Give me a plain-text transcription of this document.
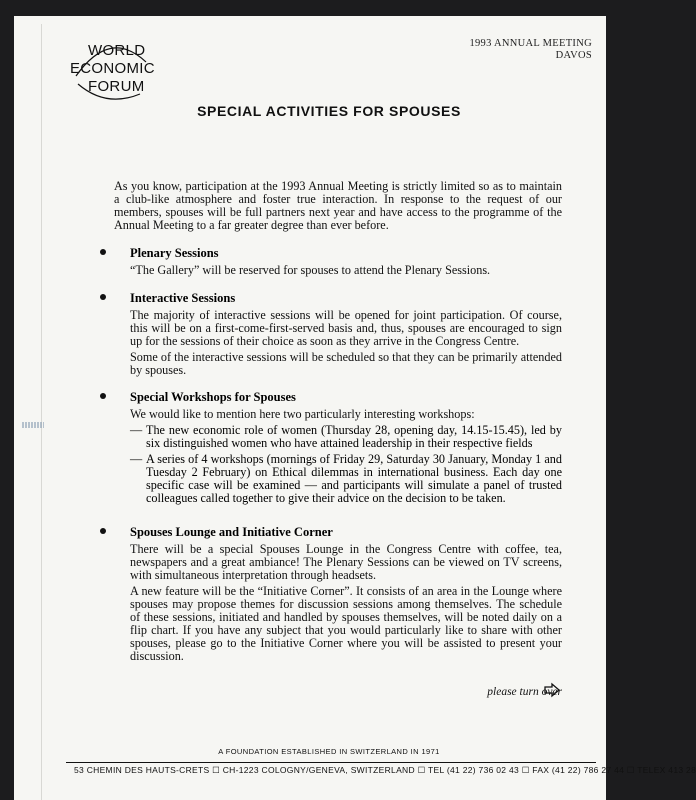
WORLD
ECONOMIC
FORUM
1993 ANNUAL MEETING
DAVOS
SPECIAL ACTIVITIES FOR SPOUSES

As you know, participation at the 1993 Annual Meeting is strictly limited so as to maintain a club-like atmosphere and foster true interaction. In response to the request of our members, spouses will be full partners next year and have access to the programme of the Annual Meeting to a far greater degree than ever before.

Plenary Sessions
“The Gallery” will be reserved for spouses to attend the Plenary Sessions.
Interactive Sessions
The majority of interactive sessions will be opened for joint participation. Of course, this will be on a first-come-first-served basis and, thus, spouses are encouraged to sign up for the sessions of their choice as soon as they arrive in the Congress Centre.
Some of the interactive sessions will be scheduled so that they can be primarily attended by spouses.
Special Workshops for Spouses
We would like to mention here two particularly interesting workshops:
— The new economic role of women (Thursday 28, opening day, 14.15-15.45), led by six distinguished women who have attained leadership in their respective fields
— A series of 4 workshops (mornings of Friday 29, Saturday 30 January, Monday 1 and Tuesday 2 February) on Ethical dilemmas in international business. Each day one specific case will be examined — and participants will simulate a panel of trusted colleagues called together to give their advice on the decision to be taken.
Spouses Lounge and Initiative Corner
There will be a special Spouses Lounge in the Congress Centre with coffee, tea, newspapers and a great ambiance! The Plenary Sessions can be viewed on TV screens, with simultaneous interpretation through headsets.
A new feature will be the “Initiative Corner”. It consists of an area in the Lounge where spouses may propose themes for discussion sessions among themselves. The schedule of these sessions, initiated and handled by spouses themselves, will be noted daily on a flip chart. If you have any subject that you would particularly like to share with other spouses, please go to the Initiative Corner where you will be assisted to present your discussion.
please turn over
A FOUNDATION ESTABLISHED IN SWITZERLAND IN 1971
53 CHEMIN DES HAUTS-CRETS ☐ CH-1223 COLOGNY/GENEVA, SWITZERLAND ☐ TEL (41 22) 736 02 43 ☐ FAX (41 22) 786 27 44 ☐ TELEX 413 28
